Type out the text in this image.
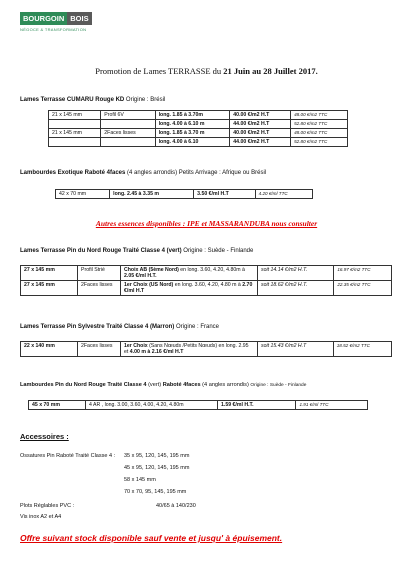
BOURGOIN BOIS
NÉGOCE & TRANSFORMATION
Promotion de Lames TERRASSE du 21 Juin au 28 Juillet 2017.
Lames Terrasse CUMARU Rouge KD Origine : Brésil
21 x 145 mm	Profil 6V	long. 1.85 à 3.70m	40.00 €/m2 H.T	48.00 €/m2 TTC
		long. 4.00 à 6.10 m	44.00 €/m2 H.T	52.80 €/m2 TTC
21 x 145 mm	2Faces lisses	long. 1.85 à 3.70 m	40.00 €/m2 H.T	48.00 €/m2 TTC
		long. 4.00 à 6.10	44.00 €/m2 H.T	52.80 €/m2 TTC
Lambourdes Exotique Raboté 4faces (4 angles arrondis) Petits Arrivage : Afrique ou Brésil
42 x 70 mm	long. 2.45 à 3.35 m	3.50 €/ml H.T	4.20 €/ml TTC
Autres essences disponibles : IPE et MASSARANDUBA nous consulter
Lames Terrasse Pin du Nord Rouge Traité Classe 4 (vert) Origine : Suède - Finlande
27 x 145 mm	Profil Strié	Choix AB (5ème Nord) en long. 3.60, 4.20, 4.80m à 2.05 €/ml H.T.	soit 14.14 €/m2 H.T.	16.97 €/m2 TTC
27 x 145 mm	2Faces lisses	1er Choix (US Nord) en long. 3.60, 4.20, 4.80 m à 2.70 €/ml H.T	soit 18.62 €/m2 H.T.	22.35 €/m2 TTC
Lames Terrasse Pin Sylvestre Traité Classe 4 (Marron) Origine : France
22 x 140 mm	2Faces lisses	1er Choix (Sans Nœuds /Petits Nœuds) en long. 2.95 et 4.00 m à 2.16 €/ml H.T	soit 15.43 €/m2 H.T	18.52 €/m2 TTC
Lambourdes Pin du Nord Rouge Traité Classe 4 (vert) Raboté 4faces (4 angles arrondis) Origine : Suède - Finlande
45 x 70 mm	4 AR , long. 3.00, 3.60, 4.00, 4.20, 4.80m	1.59 €/ml H.T.	1.91 €/ml TTC
Accessoires :
Ossatures Pin Raboté Traité Classe 4 : 35 x 95, 120, 145, 195 mm
45 x 95, 120, 145, 195 mm
58 x 145 mm
70 x 70, 95, 145, 195 mm
Plots Réglables PVC :	40/65 à 140/230
Vis inox A2 et A4
Offre suivant stock disponible sauf vente et jusqu' à épuisement.
